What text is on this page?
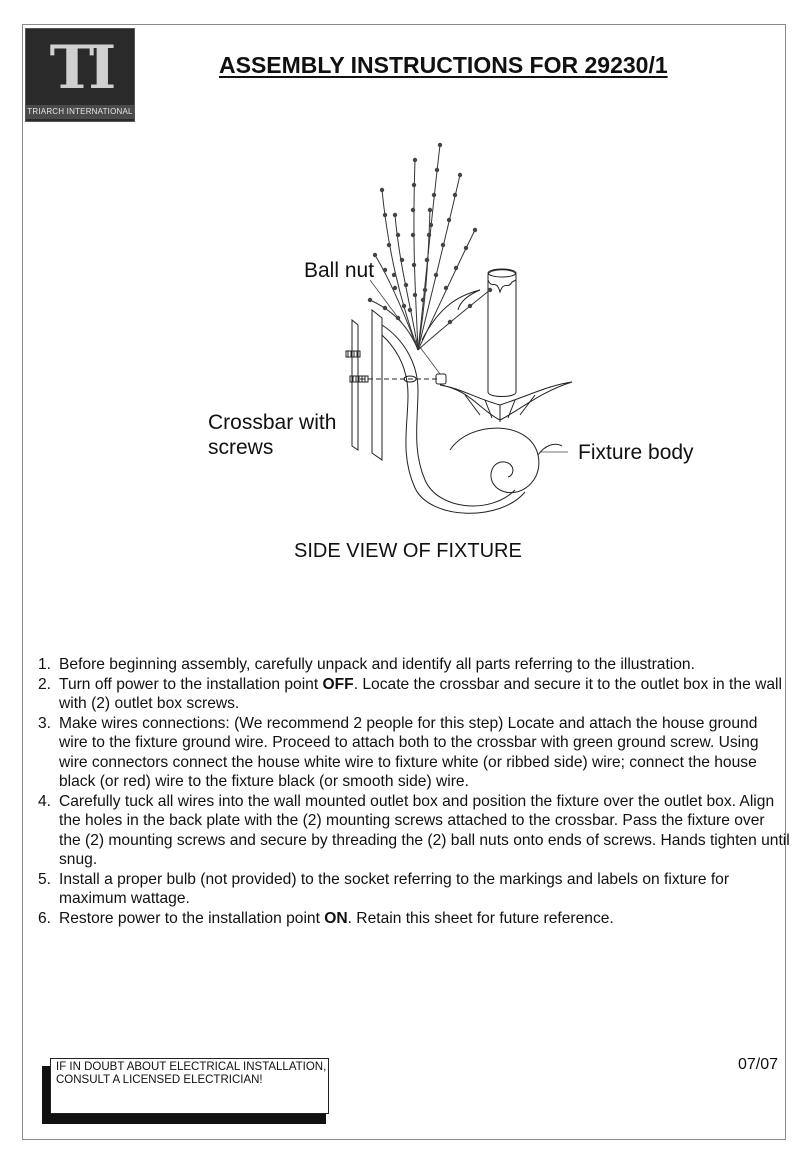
TI
TRIARCH INTERNATIONAL
ASSEMBLY INSTRUCTIONS FOR 29230/1
Ball nut
Crossbar with
screws	Fixture body
SIDE VIEW OF FIXTURE
1. Before beginning assembly, carefully unpack and identify all parts referring to the illustration.
2. Turn off power to the installation point OFF. Locate the crossbar and secure it to the outlet box in the wall with (2) outlet box screws.
3. Make wires connections: (We recommend 2 people for this step) Locate and attach the house ground wire to the fixture ground wire. Proceed to attach both to the crossbar with green ground screw. Using wire connectors connect the house white wire to fixture white (or ribbed side) wire; connect the house black (or red) wire to the fixture black (or smooth side) wire.
4. Carefully tuck all wires into the wall mounted outlet box and position the fixture over the outlet box. Align the holes in the back plate with the (2) mounting screws attached to the crossbar. Pass the fixture over the (2) mounting screws and secure by threading the (2) ball nuts onto ends of screws. Hands tighten until snug.
5. Install a proper bulb (not provided) to the socket referring to the markings and labels on fixture for maximum wattage.
6. Restore power to the installation point ON. Retain this sheet for future reference.
IF IN DOUBT ABOUT ELECTRICAL INSTALLATION,
CONSULT A LICENSED ELECTRICIAN!
07/07
